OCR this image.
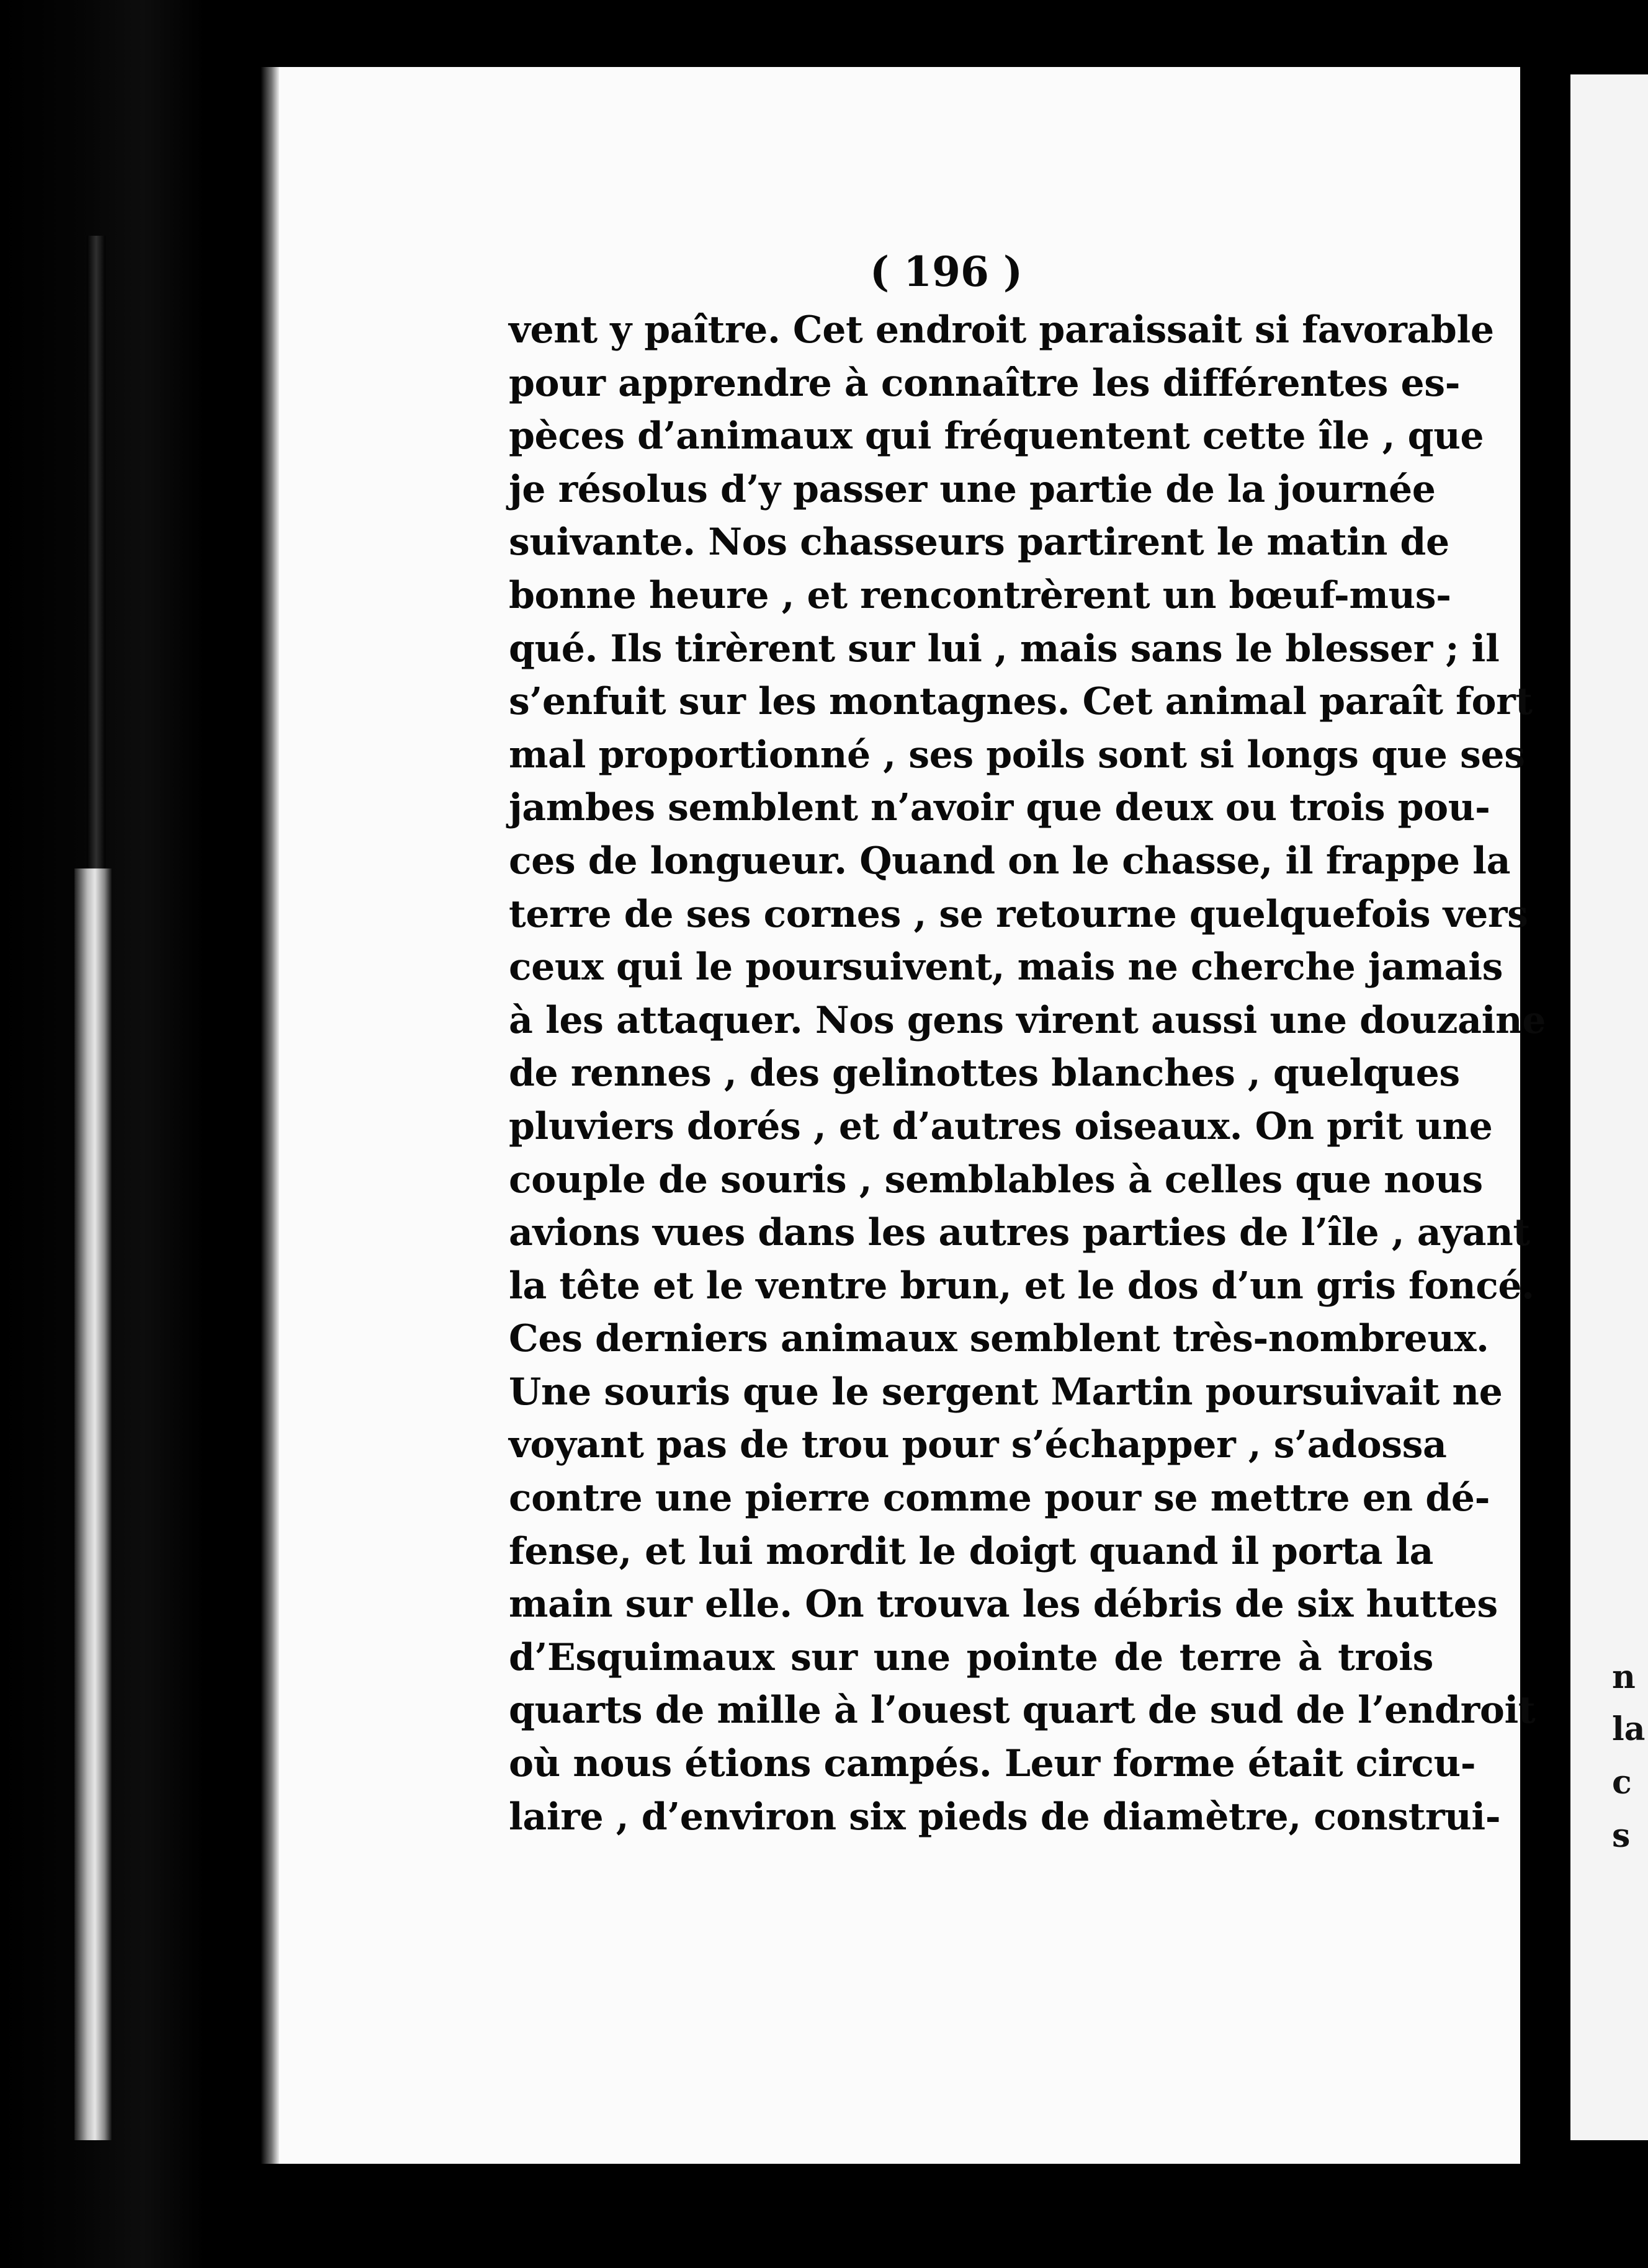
n
la
c
s
( 196 )
vent y paître. Cet endroit paraissait si favorable
pour apprendre à connaître les différentes es-
pèces d’animaux qui fréquentent cette île , que
je résolus d’y passer une partie de la journée
suivante. Nos chasseurs partirent le matin de
bonne heure , et rencontrèrent un bœuf-mus-
qué. Ils tirèrent sur lui , mais sans le blesser ; il
s’enfuit sur les montagnes. Cet animal paraît fort
mal proportionné , ses poils sont si longs que ses
jambes semblent n’avoir que deux ou trois pou-
ces de longueur. Quand on le chasse, il frappe la
terre de ses cornes , se retourne quelquefois vers
ceux qui le poursuivent, mais ne cherche jamais
à les attaquer. Nos gens virent aussi une douzaine
de rennes , des gelinottes blanches , quelques
pluviers dorés , et d’autres oiseaux. On prit une
couple de souris , semblables à celles que nous
avions vues dans les autres parties de l’île , ayant
la tête et le ventre brun, et le dos d’un gris foncé.
Ces derniers animaux semblent très-nombreux.
Une souris que le sergent Martin poursuivait ne
voyant pas de trou pour s’échapper , s’adossa
contre une pierre comme pour se mettre en dé-
fense, et lui mordit le doigt quand il porta la
main sur elle. On trouva les débris de six huttes
d’Esquimaux sur une pointe de terre à trois
quarts de mille à l’ouest quart de sud de l’endroit
où nous étions campés. Leur forme était circu-
laire , d’environ six pieds de diamètre, construi-
